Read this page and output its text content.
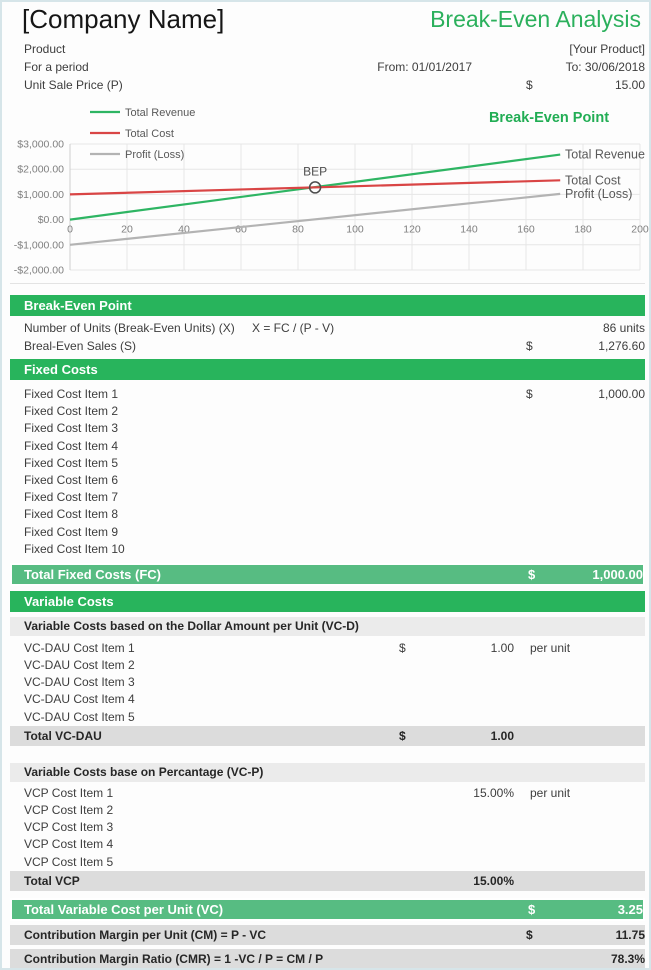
[Company Name]	Break-Even Analysis
Product	[Your Product]
For a period	From: 01/01/2017	To: 30/06/2018
Unit Sale Price (P)	$	15.00
$3,000.00
$2,000.00
$1,000.00
$0.00
-$1,000.00
-$2,000.00
0	20	40	60	80	100	120	140	160	180	200
Total Revenue
Total Revenue
Total Cost
Total Cost
Profit (Loss)
Profit (Loss)
BEP
Break-Even Point
Break-Even Point
Number of Units (Break-Even Units) (X) X = FC / (P - V)	86 units
Breal-Even Sales (S)	$	1,276.60
Fixed Costs
Fixed Cost Item 1	$	1,000.00
Fixed Cost Item 2
Fixed Cost Item 3
Fixed Cost Item 4
Fixed Cost Item 5
Fixed Cost Item 6
Fixed Cost Item 7
Fixed Cost Item 8
Fixed Cost Item 9
Fixed Cost Item 10
Total Fixed Costs (FC)	$	1,000.00
Variable Costs
Variable Costs based on the Dollar Amount per Unit (VC-D)
VC-DAU Cost Item 1	$	1.00 per unit
VC-DAU Cost Item 2
VC-DAU Cost Item 3
VC-DAU Cost Item 4
VC-DAU Cost Item 5
Total VC-DAU	$	1.00
Variable Costs base on Percantage (VC-P)
VCP Cost Item 1	15.00% per unit
VCP Cost Item 2
VCP Cost Item 3
VCP Cost Item 4
VCP Cost Item 5
Total VCP	15.00%
Total Variable Cost per Unit (VC)	$	3.25
Contribution Margin per Unit (CM) = P - VC	$	11.75
Contribution Margin Ratio (CMR) = 1 -VC / P = CM / P	78.3%
